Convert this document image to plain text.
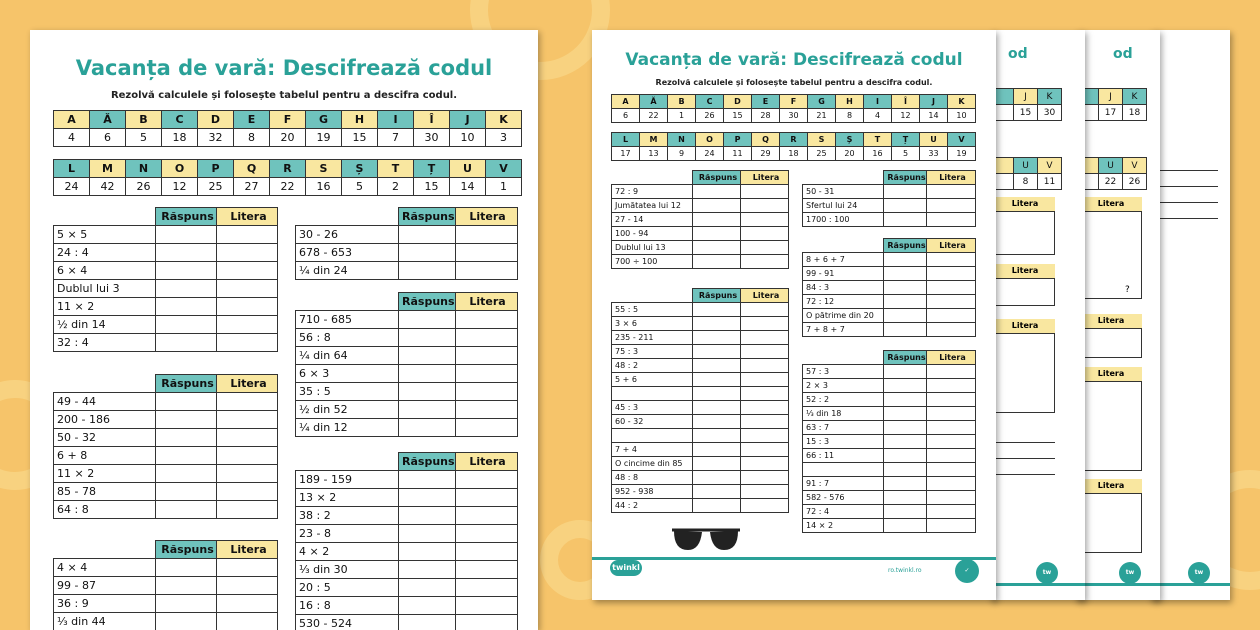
tw
od
	J	K
	17	18
	U	V
	22	26
Litera
?
Litera
Litera
Litera
tw
od
	J	K
	15	30
	U	V
	8	11
Litera
Litera
Litera
tw
Vacanța de vară: Descifrează codul
Rezolvă calculele și folosește tabelul pentru a descifra codul.
A	Ă	B	C	D	E	F	G	H	I	Î	J	K
6	22	1	26	15	28	30	21	8	4	12	14	10
L	M	N	O	P	Q	R	S	Ș	T	Ț	U	V
17	13	9	24	11	29	18	25	20	16	5	33	19
	Răspuns	Litera
72 : 9		
Jumătatea lui 12		
27 - 14		
100 - 94		
Dublul lui 13		
700 ÷ 100		
	Răspuns	Litera
55 : 5		
3 × 6		
235 - 211		
75 : 3		
48 : 2		
5 + 6		

45 : 3		
60 - 32		

7 + 4		
O cincime din 85		
48 : 8		
952 - 938		
44 : 2		
	Răspuns	Litera
50 - 31		
Sfertul lui 24		
1700 : 100		
	Răspuns	Litera
8 + 6 + 7		
99 - 91		
84 : 3		
72 : 12		
O pătrime din 20		
7 + 8 + 7		
	Răspuns	Litera
57 : 3		
2 × 3		
52 : 2		
⅓ din 18		
63 : 7		
15 : 3		
66 : 11		

91 : 7		
582 - 576		
72 : 4		
14 × 2		
twinkl	ro.twinkl.ro	✓
Vacanța de vară: Descifrează codul
Rezolvă calculele și folosește tabelul pentru a descifra codul.
A	Ă	B	C	D	E	F	G	H	I	Î	J	K
4	6	5	18	32	8	20	19	15	7	30	10	3
L	M	N	O	P	Q	R	S	Ș	T	Ț	U	V
24	42	26	12	25	27	22	16	5	2	15	14	1
	Răspuns	Litera
5 × 5		
24 : 4		
6 × 4		
Dublul lui 3		
11 × 2		
½ din 14		
32 : 4		
	Răspuns	Litera
49 - 44		
200 - 186		
50 - 32		
6 + 8		
11 × 2		
85 - 78		
64 : 8		
	Răspuns	Litera
4 × 4		
99 - 87		
36 : 9		
⅓ din 44		
	Răspuns	Litera
30 - 26		
678 - 653		
¼ din 24		
	Răspuns	Litera
710 - 685		
56 : 8		
¼ din 64		
6 × 3		
35 : 5		
½ din 52		
¼ din 12		
	Răspuns	Litera
189 - 159		
13 × 2		
38 : 2		
23 - 8		
4 × 2		
⅓ din 30		
20 : 5		
16 : 8		
530 - 524		
